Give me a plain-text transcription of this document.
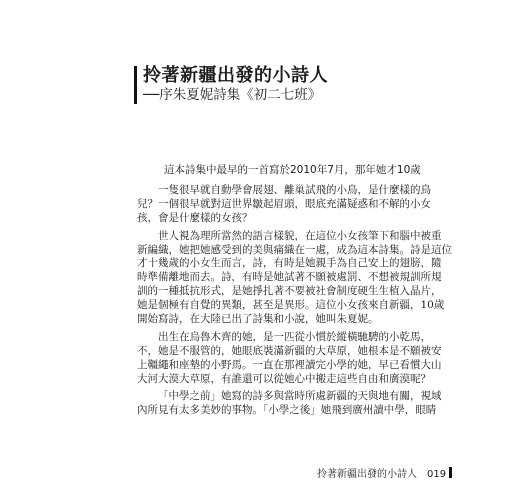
拎著新疆出發的小詩人
──序朱夏妮詩集《初二七班》
這本詩集中最早的一首寫於2010年7月，那年她才10歲
一隻很早就自動學會展翅、離巢試飛的小鳥，是什麼樣的鳥
兒？一個很早就對這世界皺起眉頭，眼底充滿疑惑和不解的小女
孩，會是什麼樣的女孩？
世人視為理所當然的語言樣貌，在這位小女孩筆下和腦中被重
新編織，她把她感受到的美與痛織在一處，成為這本詩集。詩是這位
才十幾歲的小女生而言，詩，有時是她親手為自己安上的翅膀，隨
時準備離地而去。詩，有時是她試著不願被處罰、不想被規訓所規
訓的一種抵抗形式，是她掙扎著不要被社會制度硬生生植入晶片，
她是個極有自覺的異類，甚至是異形。這位小女孩來自新疆，10歲
開始寫詩，在大陸已出了詩集和小說，她叫朱夏妮。
出生在烏魯木齊的她，是一匹從小慣於縱橫馳騁的小乾馬，
不，她是不服管的，她眼底裝滿新疆的大草原，她根本是不願被安
上韁繩和座墊的小野馬。一直在那裡讀完小學的她，早已看慣大山
大河大漠大草原，有誰還可以從她心中搬走這些自由和廣漠呢？
「中學之前」她寫的詩多與當時所處新疆的天與地有關，視域
內所見有太多美妙的事物。「小學之後」她飛到廣州讀中學，眼睛
拎著新疆出發的小詩人 019
